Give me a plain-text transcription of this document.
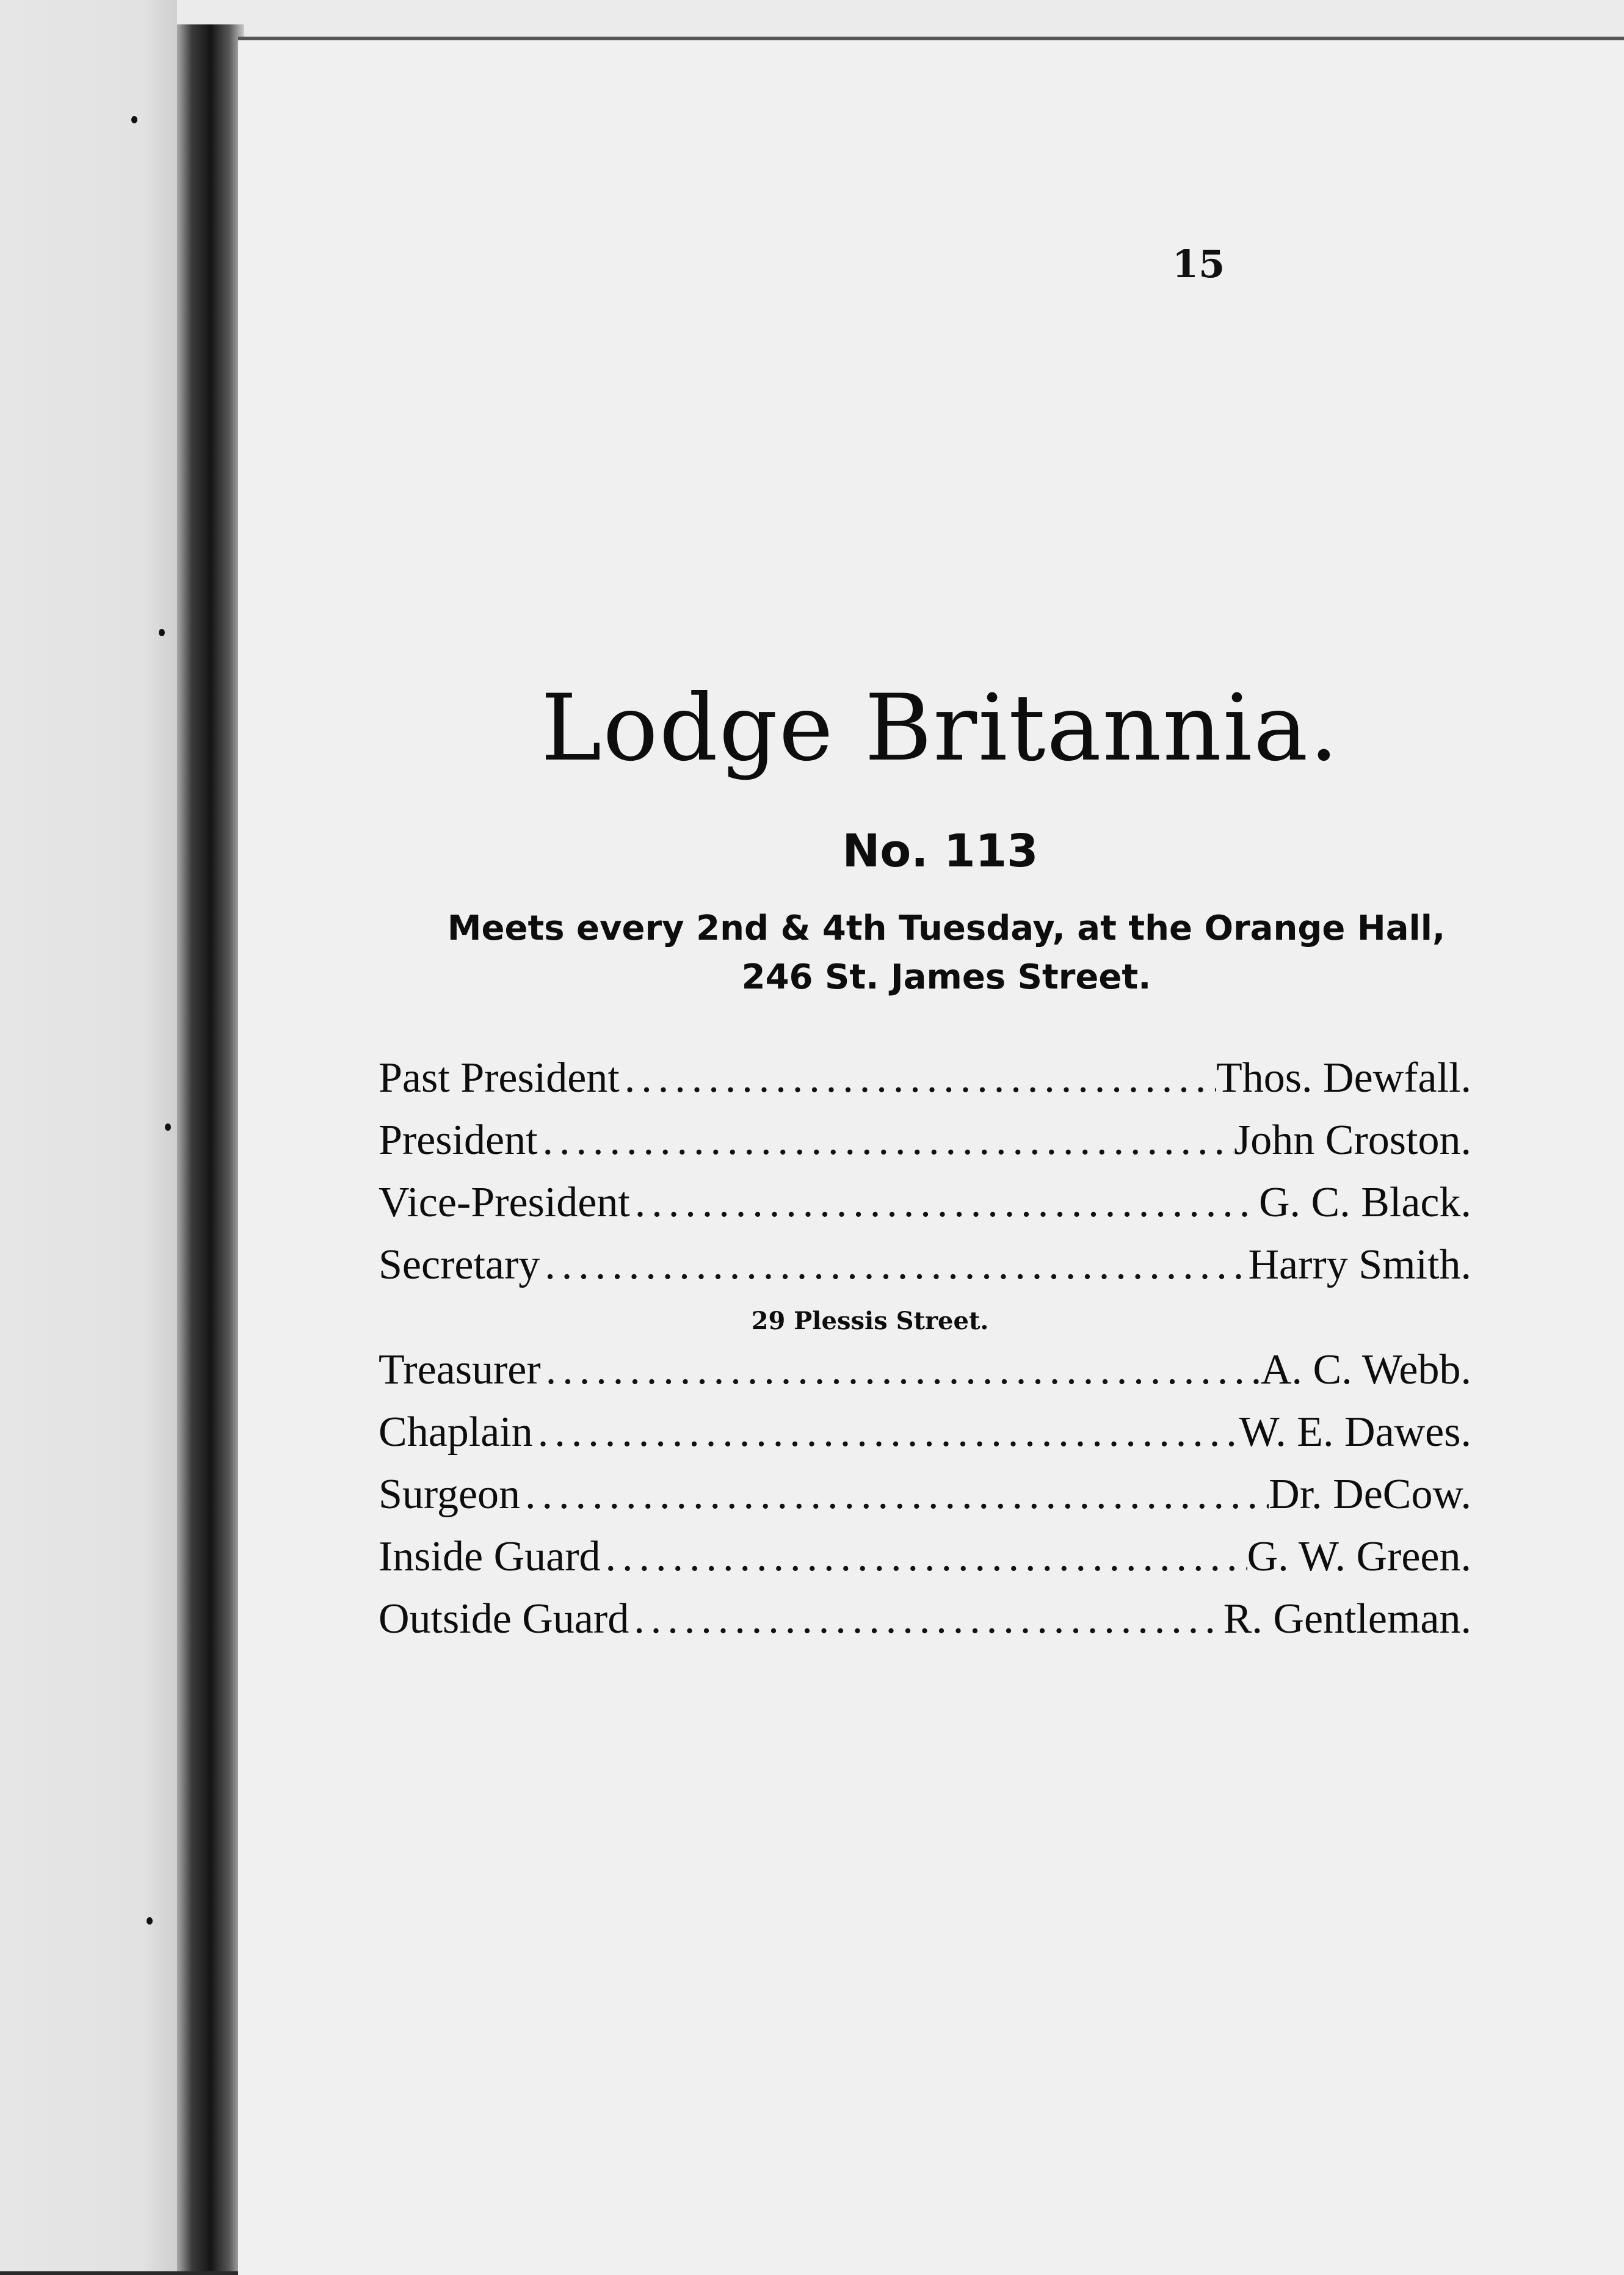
15
Lodge Britannia.
No. 113
Meets every 2nd & 4th Tuesday, at the Orange Hall,
246 St. James Street.
Past President .....	Thos. Dewfall.
President .....	John Croston.
Vice-President .....	G. C. Black.
Secretary .....	Harry Smith.
29 Plessis Street.
Treasurer .....	A. C. Webb.
Chaplain .....	W. E. Dawes.
Surgeon .....	Dr. DeCow.
Inside Guard .....	G. W. Green.
Outside Guard .....	R. Gentleman.
